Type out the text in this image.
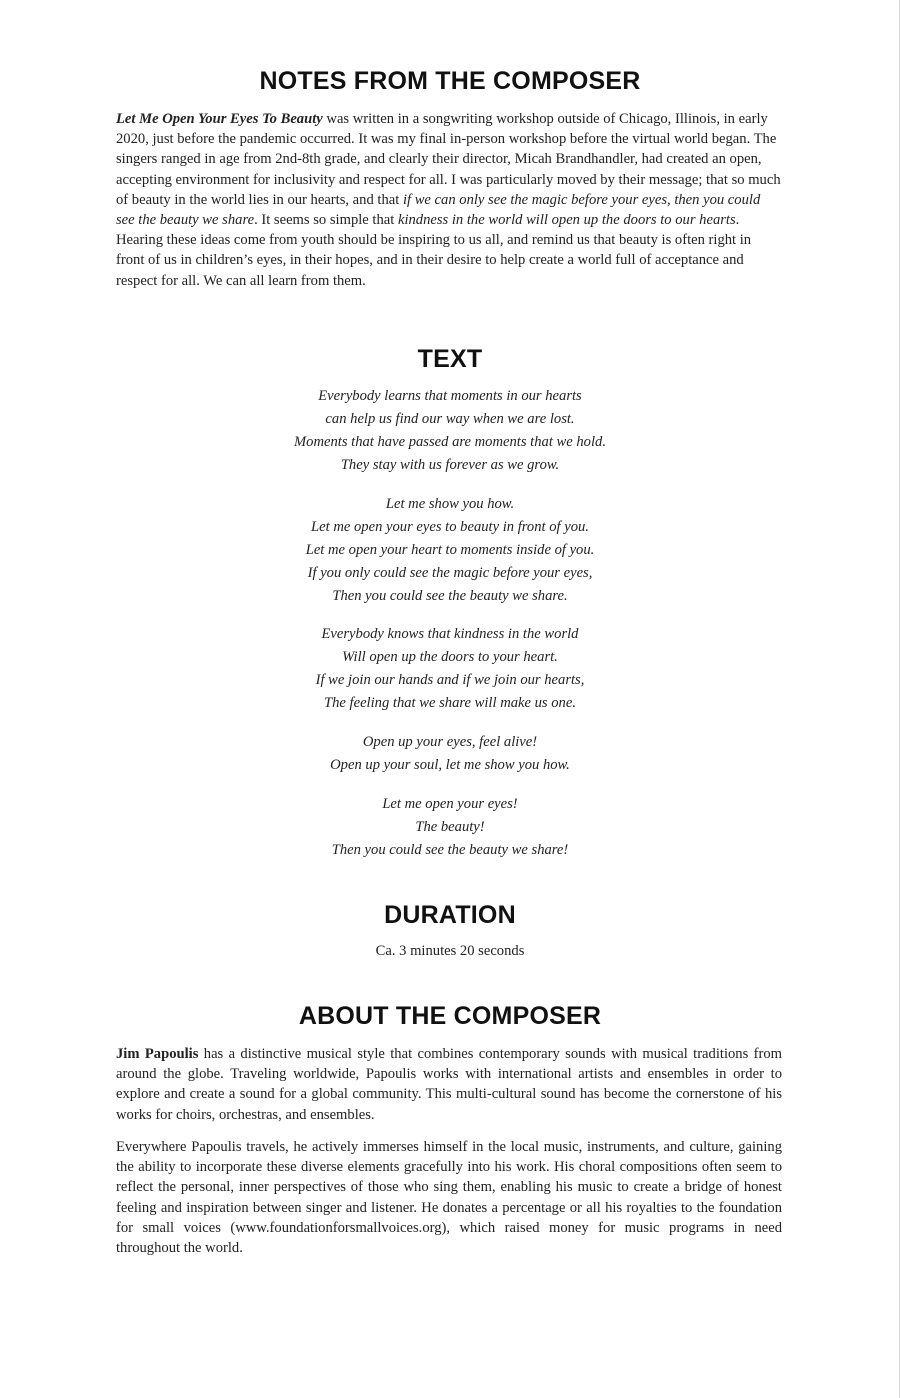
NOTES FROM THE COMPOSER

Let Me Open Your Eyes To Beauty was written in a songwriting workshop outside of Chicago, Illinois, in early 2020, just before the pandemic occurred. It was my final in-person workshop before the virtual world began. The singers ranged in age from 2nd-8th grade, and clearly their director, Micah Brandhandler, had created an open, accepting environment for inclusivity and respect for all. I was particularly moved by their message; that so much of beauty in the world lies in our hearts, and that if we can only see the magic before your eyes, then you could see the beauty we share. It seems so simple that kindness in the world will open up the doors to our hearts. Hearing these ideas come from youth should be inspiring to us all, and remind us that beauty is often right in front of us in children’s eyes, in their hopes, and in their desire to help create a world full of acceptance and respect for all. We can all learn from them.

TEXT
Everybody learns that moments in our hearts
can help us find our way when we are lost.
Moments that have passed are moments that we hold.
They stay with us forever as we grow.
Let me show you how.
Let me open your eyes to beauty in front of you.
Let me open your heart to moments inside of you.
If you only could see the magic before your eyes,
Then you could see the beauty we share.
Everybody knows that kindness in the world
Will open up the doors to your heart.
If we join our hands and if we join our hearts,
The feeling that we share will make us one.
Open up your eyes, feel alive!
Open up your soul, let me show you how.
Let me open your eyes!
The beauty!
Then you could see the beauty we share!
DURATION

Ca. 3 minutes 20 seconds

ABOUT THE COMPOSER

Jim Papoulis has a distinctive musical style that combines contemporary sounds with musical traditions from around the globe. Traveling worldwide, Papoulis works with international artists and ensembles in order to explore and create a sound for a global community. This multi-cultural sound has become the cornerstone of his works for choirs, orchestras, and ensembles.

Everywhere Papoulis travels, he actively immerses himself in the local music, instruments, and culture, gaining the ability to incorporate these diverse elements gracefully into his work. His choral compositions often seem to reflect the personal, inner perspectives of those who sing them, enabling his music to create a bridge of honest feeling and inspiration between singer and listener. He donates a percentage or all his royalties to the foundation for small voices (www.foundationforsmallvoices.org), which raised money for music programs in need throughout the world.
